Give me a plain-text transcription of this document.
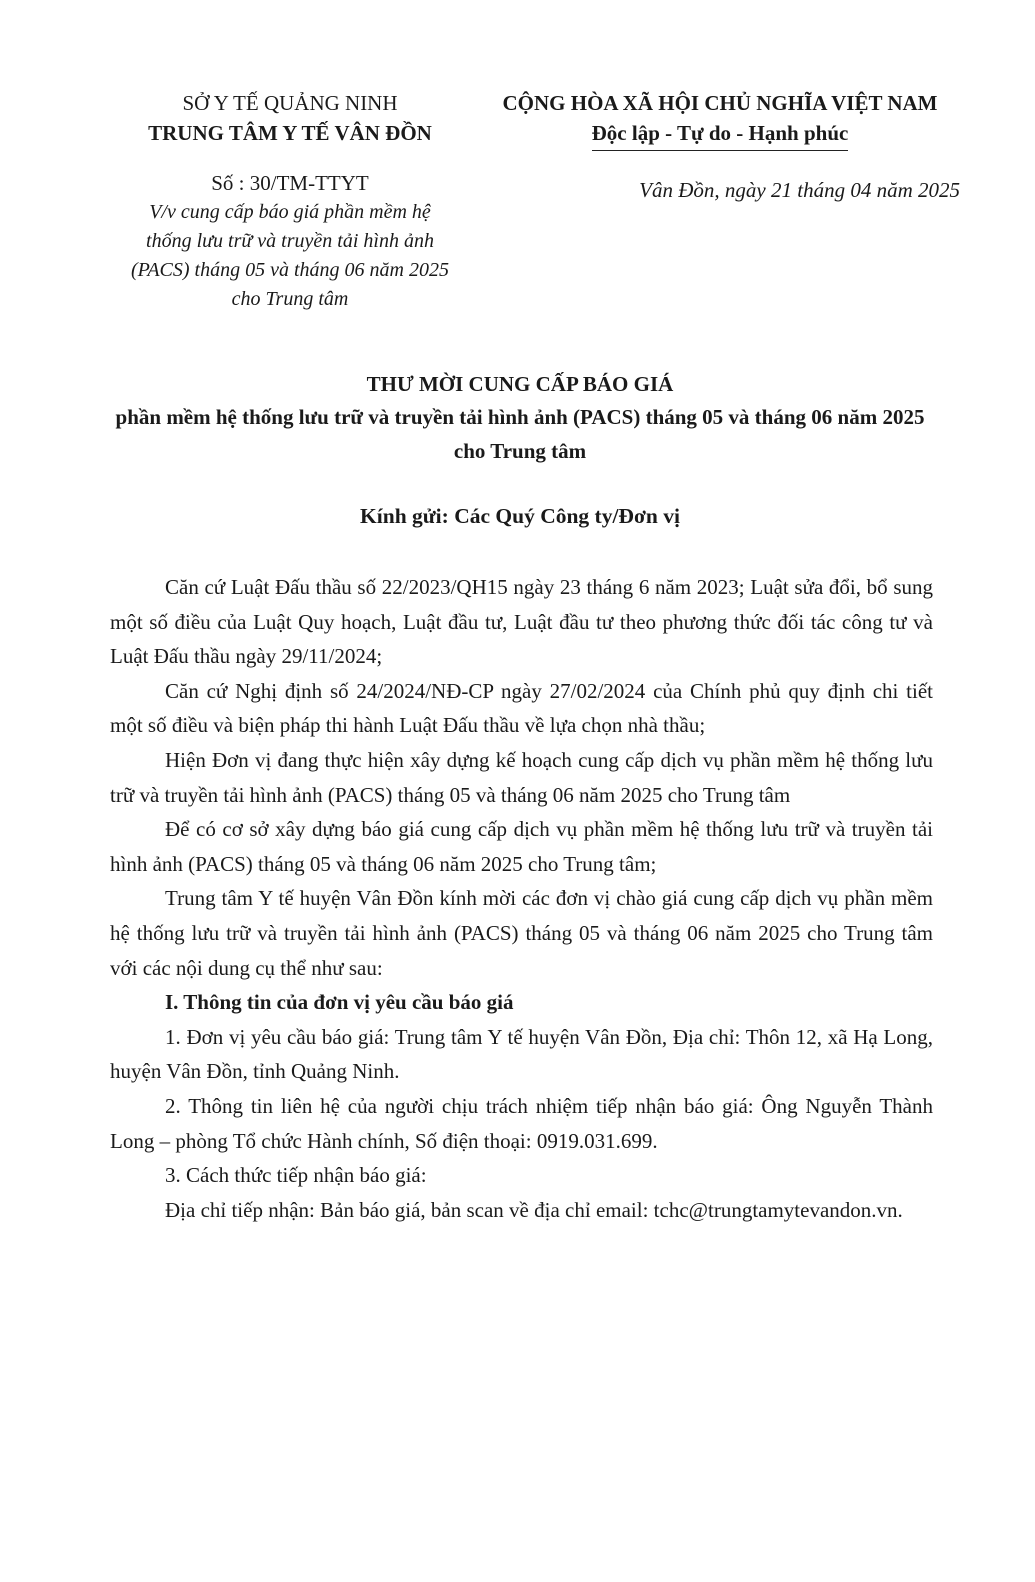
SỞ Y TẾ QUẢNG NINH
TRUNG TÂM Y TẾ VÂN ĐỒN
Số : 30/TM-TTYT
V/v cung cấp báo giá phần mềm hệ thống lưu trữ và truyền tải hình ảnh (PACS) tháng 05 và tháng 06 năm 2025 cho Trung tâm
CỘNG HÒA XÃ HỘI CHỦ NGHĨA VIỆT NAM
Độc lập - Tự do - Hạnh phúc
Vân Đồn, ngày 21 tháng 04 năm 2025
THƯ MỜI CUNG CẤP BÁO GIÁ
phần mềm hệ thống lưu trữ và truyền tải hình ảnh (PACS) tháng 05 và tháng 06 năm 2025 cho Trung tâm
Kính gửi: Các Quý Công ty/Đơn vị

Căn cứ Luật Đấu thầu số 22/2023/QH15 ngày 23 tháng 6 năm 2023; Luật sửa đổi, bổ sung một số điều của Luật Quy hoạch, Luật đầu tư, Luật đầu tư theo phương thức đối tác công tư và Luật Đấu thầu ngày 29/11/2024;

Căn cứ Nghị định số 24/2024/NĐ-CP ngày 27/02/2024 của Chính phủ quy định chi tiết một số điều và biện pháp thi hành Luật Đấu thầu về lựa chọn nhà thầu;

Hiện Đơn vị đang thực hiện xây dựng kế hoạch cung cấp dịch vụ phần mềm hệ thống lưu trữ và truyền tải hình ảnh (PACS) tháng 05 và tháng 06 năm 2025 cho Trung tâm

Để có cơ sở xây dựng báo giá cung cấp dịch vụ phần mềm hệ thống lưu trữ và truyền tải hình ảnh (PACS) tháng 05 và tháng 06 năm 2025 cho Trung tâm;

Trung tâm Y tế huyện Vân Đồn kính mời các đơn vị chào giá cung cấp dịch vụ phần mềm hệ thống lưu trữ và truyền tải hình ảnh (PACS) tháng 05 và tháng 06 năm 2025 cho Trung tâm với các nội dung cụ thể như sau:

I. Thông tin của đơn vị yêu cầu báo giá

1. Đơn vị yêu cầu báo giá: Trung tâm Y tế huyện Vân Đồn, Địa chỉ: Thôn 12, xã Hạ Long, huyện Vân Đồn, tỉnh Quảng Ninh.

2. Thông tin liên hệ của người chịu trách nhiệm tiếp nhận báo giá: Ông Nguyễn Thành Long – phòng Tổ chức Hành chính, Số điện thoại: 0919.031.699.

3. Cách thức tiếp nhận báo giá:

Địa chỉ tiếp nhận: Bản báo giá, bản scan về địa chỉ email: tchc@trungtamytevandon.vn.
